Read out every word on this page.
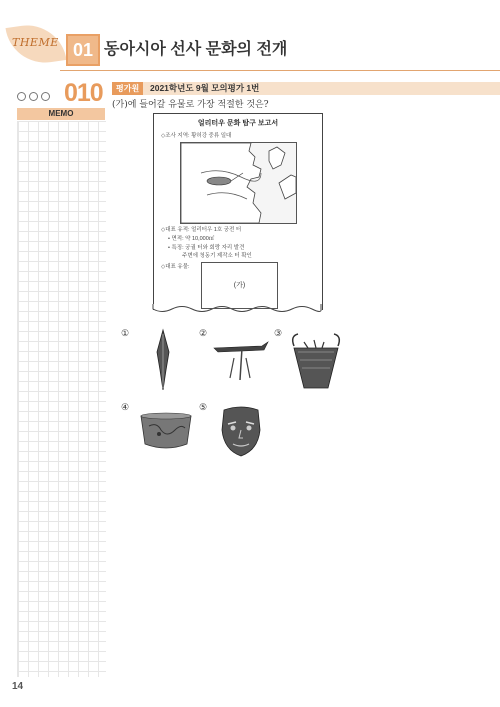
THEME 01 동아시아 선사 문화의 전개
010	평가원	2021학년도 9월 모의평가 1번
(가)에 들어갈 유물로 가장 적절한 것은?
MEMO
얼리터우 문화 탐구 보고서
◇조사 지역: 황허강 중류 일대
◇대표 유적: 얼리터우 1호 궁전 터
• 면적: 약 10,000㎡
• 특징: 궁궐 터와 회랑 자리 발견
주변에 청동기 제작소 터 확인
◇대표 유물:
(가)
①	②	③
④	⑤
14
